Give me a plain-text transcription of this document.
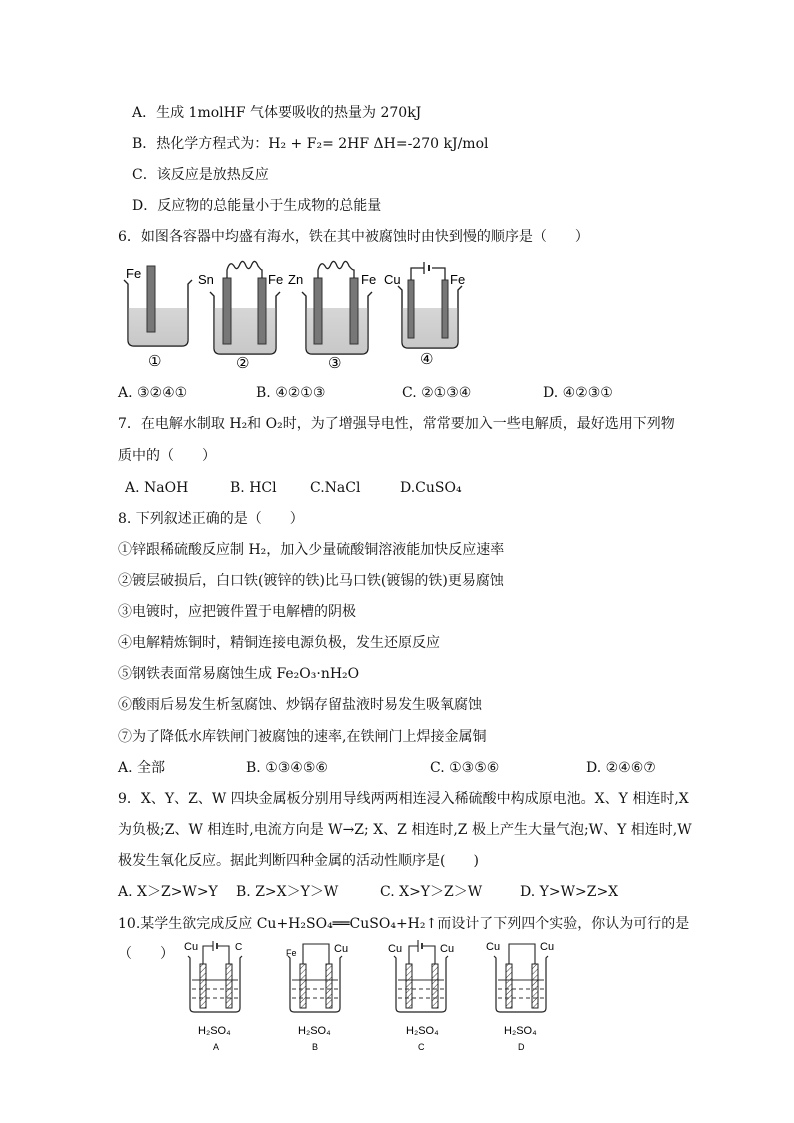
A．生成 1molHF 气体要吸收的热量为 270kJ
B．热化学方程式为：H₂ + F₂= 2HF ΔH=-270 kJ/mol
C．该反应是放热反应
D．反应物的总能量小于生成物的总能量
6．如图各容器中均盛有海水，铁在其中被腐蚀时由快到慢的顺序是（　　）
Fe
①
Sn	Fe
②
Zn	Fe
③
Cu	Fe
④
A. ③②④①	B. ④②①③	C. ②①③④	D. ④②③①
7．在电解水制取 H₂和 O₂时，为了增强导电性，常常要加入一些电解质，最好选用下列物
质中的（　　）
A. NaOH	B. HCl C.NaCl	D.CuSO₄
8. 下列叙述正确的是（　　）
①锌跟稀硫酸反应制 H₂，加入少量硫酸铜溶液能加快反应速率
②镀层破损后，白口铁(镀锌的铁)比马口铁(镀锡的铁)更易腐蚀
③电镀时，应把镀件置于电解槽的阴极
④电解精炼铜时，精铜连接电源负极，发生还原反应
⑤钢铁表面常易腐蚀生成 Fe₂O₃·nH₂O
⑥酸雨后易发生析氢腐蚀、炒锅存留盐液时易发生吸氧腐蚀
⑦为了降低水库铁闸门被腐蚀的速率,在铁闸门上焊接金属铜
A. 全部	B. ①③④⑤⑥	C. ①③⑤⑥	D. ②④⑥⑦
9．X、Y、Z、W 四块金属板分别用导线两两相连浸入稀硫酸中构成原电池。X、Y 相连时,X
为负极;Z、W 相连时,电流方向是 W→Z; X、Z 相连时,Z 极上产生大量气泡;W、Y 相连时,W
极发生氧化反应。据此判断四种金属的活动性顺序是(　　)
A. X＞Z>W>Y B. Z>X＞Y＞W	C. X>Y＞Z＞W	D. Y>W>Z>X
10.某学生欲完成反应 Cu+H₂SO₄══CuSO₄+H₂↑而设计了下列四个实验，你认为可行的是
（　　） Cu	C
H₂SO₄
A
Fe	Cu
H₂SO₄
B
Cu	Cu
H₂SO₄
C
Cu	Cu
H₂SO₄
D
